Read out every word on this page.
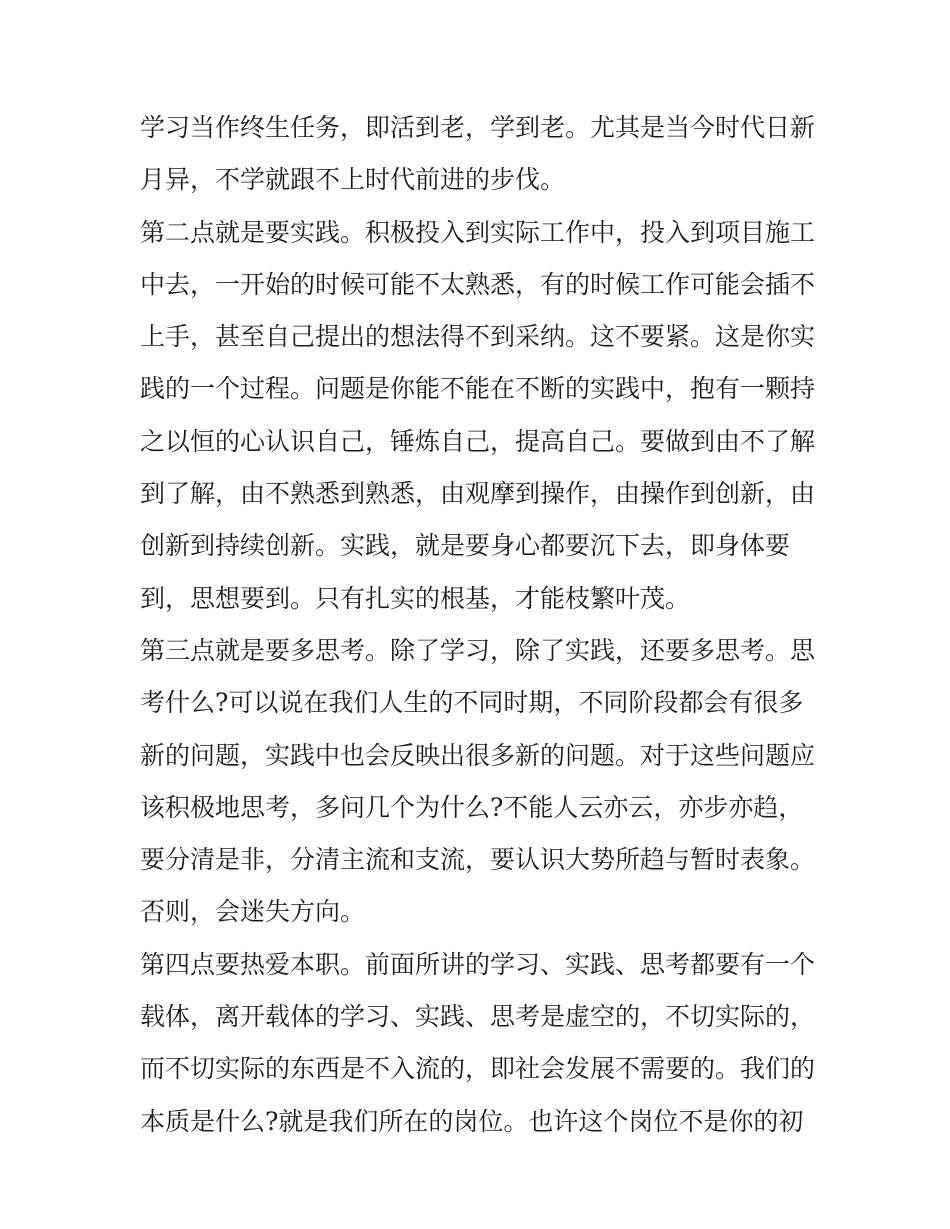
学习当作终生任务，即活到老，学到老。尤其是当今时代日新
月异，不学就跟不上时代前进的步伐。
第二点就是要实践。积极投入到实际工作中，投入到项目施工
中去，一开始的时候可能不太熟悉，有的时候工作可能会插不
上手，甚至自己提出的想法得不到采纳。这不要紧。这是你实
践的一个过程。问题是你能不能在不断的实践中，抱有一颗持
之以恒的心认识自己，锤炼自己，提高自己。要做到由不了解
到了解，由不熟悉到熟悉，由观摩到操作，由操作到创新，由
创新到持续创新。实践，就是要身心都要沉下去，即身体要
到，思想要到。只有扎实的根基，才能枝繁叶茂。
第三点就是要多思考。除了学习，除了实践，还要多思考。思
考什么?可以说在我们人生的不同时期，不同阶段都会有很多
新的问题，实践中也会反映出很多新的问题。对于这些问题应
该积极地思考，多问几个为什么?不能人云亦云，亦步亦趋，
要分清是非，分清主流和支流，要认识大势所趋与暂时表象。
否则，会迷失方向。
第四点要热爱本职。前面所讲的学习、实践、思考都要有一个
载体，离开载体的学习、实践、思考是虚空的，不切实际的，
而不切实际的东西是不入流的，即社会发展不需要的。我们的
本质是什么?就是我们所在的岗位。也许这个岗位不是你的初
